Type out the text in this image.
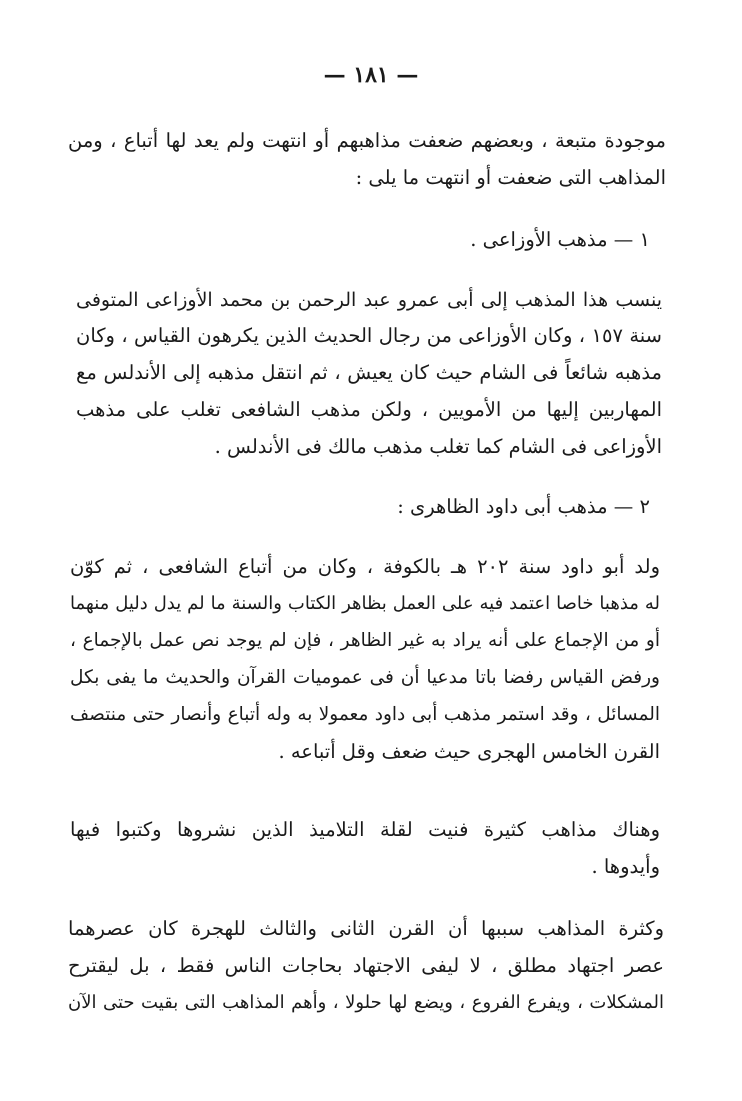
— ١٨١ —
موجودة متبعة ، وبعضهم ضعفت مذاهبهم أو انتهت ولم يعد لها أتباع ، ومن
المذاهب التى ضعفت أو انتهت ما يلى :
١ — مذهب الأوزاعى .
ينسب هذا المذهب إلى أبى عمرو عبد الرحمن بن محمد الأوزاعى المتوفى
سنة ١٥٧ ، وكان الأوزاعى من رجال الحديث الذين يكرهون القياس ، وكان
مذهبه شائعاً فى الشام حيث كان يعيش ، ثم انتقل مذهبه إلى الأندلس مع
المهاربين إليها من الأمويين ، ولكن مذهب الشافعى تغلب على مذهب
الأوزاعى فى الشام كما تغلب مذهب مالك فى الأندلس .
٢ — مذهب أبى داود الظاهرى :
ولد أبو داود سنة ٢٠٢ هـ بالكوفة ، وكان من أتباع الشافعى ، ثم كوّن
له مذهبا خاصا اعتمد فيه على العمل بظاهر الكتاب والسنة ما لم يدل دليل منهما
أو من الإجماع على أنه يراد به غير الظاهر ، فإن لم يوجد نص عمل بالإجماع ،
ورفض القياس رفضا باتا مدعيا أن فى عموميات القرآن والحديث ما يفى بكل
المسائل ، وقد استمر مذهب أبى داود معمولا به وله أتباع وأنصار حتى منتصف
القرن الخامس الهجرى حيث ضعف وقل أتباعه .
وهناك مذاهب كثيرة فنيت لقلة التلاميذ الذين نشروها وكتبوا فيها
وأيدوها .
وكثرة المذاهب سببها أن القرن الثانى والثالث للهجرة كان عصرهما
عصر اجتهاد مطلق ، لا ليفى الاجتهاد بحاجات الناس فقط ، بل ليقترح
المشكلات ، ويفرع الفروع ، ويضع لها حلولا ، وأهم المذاهب التى بقيت حتى الآن
